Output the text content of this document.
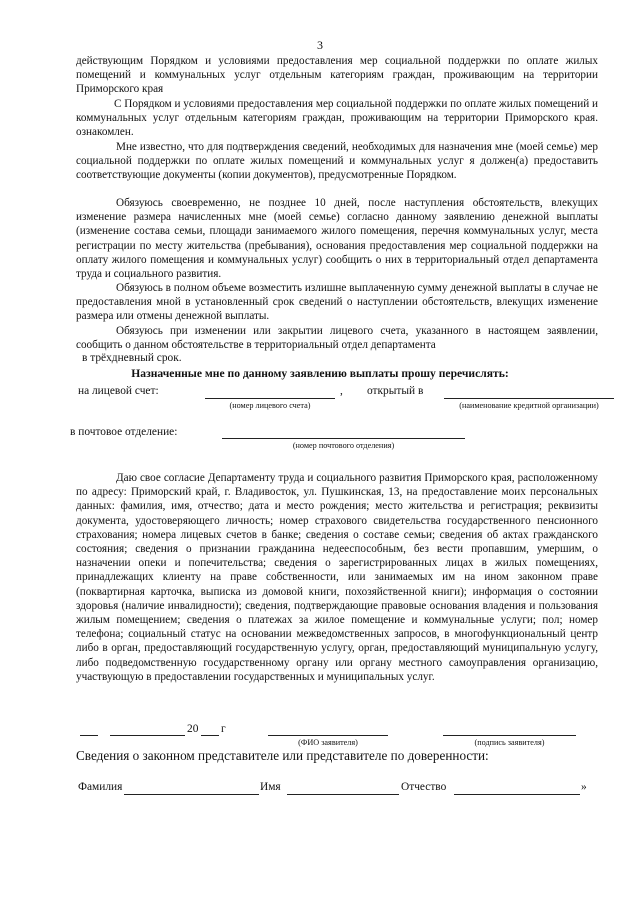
3
действующим Порядком и условиями предоставления мер социальной поддержки по оплате жилых помещений и коммунальных услуг отдельным категориям граждан, проживающим на территории Приморского края
С Порядком и условиями предоставления мер социальной поддержки по оплате жилых помещений и коммунальных услуг отдельным категориям граждан, проживающим на территории Приморского края. ознакомлен.
Мне известно, что для подтверждения сведений, необходимых для назначения мне (моей семье) мер социальной поддержки по оплате жилых помещений и коммунальных услуг я должен(а) предоставить соответствующие документы (копии документов), предусмотренные Порядком.
Обязуюсь своевременно, не позднее 10 дней, после наступления обстоятельств, влекущих изменение размера начисленных мне (моей семье) согласно данному заявлению денежной выплаты (изменение состава семьи, площади занимаемого жилого помещения, перечня коммунальных услуг, места регистрации по месту жительства (пребывания), основания предоставления мер социальной поддержки на оплату жилого помещения и коммунальных услуг) сообщить о них в территориальный отдел департамента труда и социального развития.
Обязуюсь в полном объеме возместить излишне выплаченную сумму денежной выплаты в случае не предоставления мной в установленный срок сведений о наступлении обстоятельств, влекущих изменение размера или отмены денежной выплаты.
Обязуюсь при изменении или закрытии лицевого счета, указанного в настоящем заявлении, сообщить о данном обстоятельстве в территориальный отдел департамента
в трёхдневный срок.
Назначенные мне по данному заявлению выплаты прошу перечислять:
на лицевой счет:	, открытый в
(номер лицевого счета)	(наименование кредитной организации)
в почтовое отделение:
(номер почтового отделения)
Даю свое согласие Департаменту труда и социального развития Приморского края, расположенному по адресу: Приморский край, г. Владивосток, ул. Пушкинская, 13, на предоставление моих персональных данных: фамилия, имя, отчество; дата и место рождения; место жительства и регистрация; реквизиты документа, удостоверяющего личность; номер страхового свидетельства государственного пенсионного страхования; номера лицевых счетов в банке; сведения о составе семьи; сведения об актах гражданского состояния; сведения о признании гражданина недееспособным, без вести пропавшим, умершим, о назначении опеки и попечительства; сведения о зарегистрированных лицах в жилых помещениях, принадлежащих клиенту на праве собственности, или занимаемых им на ином законном праве (поквартирная карточка, выписка из домовой книги, похозяйственной книги); информация о состоянии здоровья (наличие инвалидности); сведения, подтверждающие правовые основания владения и пользования жилым помещением; сведения о платежах за жилое помещение и коммунальные услуги; пол; номер телефона; социальный статус на основании межведомственных запросов, в многофункциональный центр либо в орган, предоставляющий государственную услугу, орган, предоставляющий муниципальную услугу, либо подведомственную государственному органу или органу местного самоуправления организацию, участвующую в предоставлении государственных и муниципальных услуг.
20 г
(ФИО заявителя)	(подпись заявителя)
Сведения о законном представителе или представителе по доверенности:
Фамилия	Имя	Отчество	»
